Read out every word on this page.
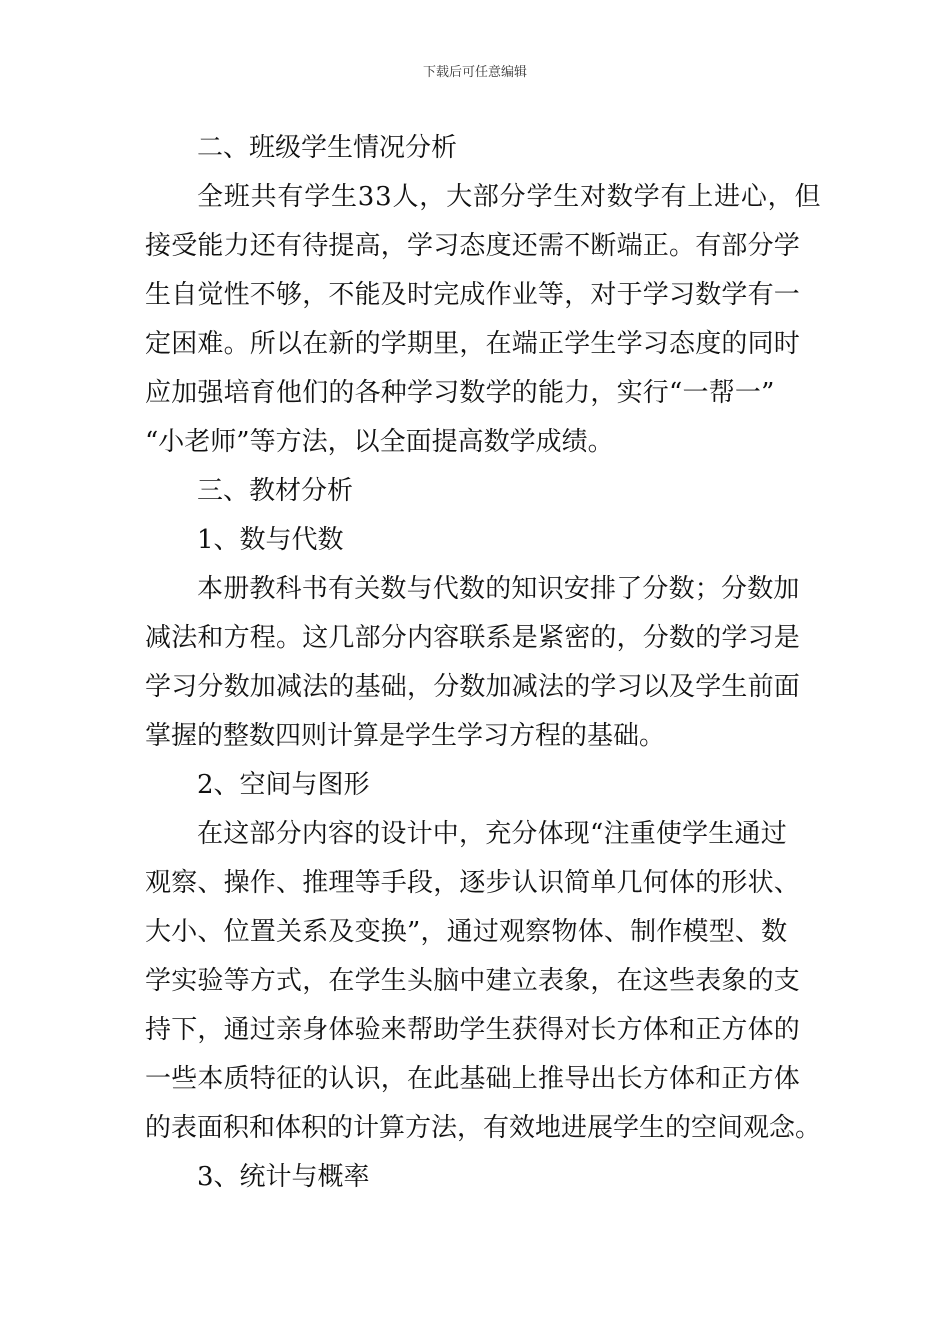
下载后可任意编辑
二、班级学生情况分析
全班共有学生33人，大部分学生对数学有上进心，但
接受能力还有待提高，学习态度还需不断端正。有部分学
生自觉性不够，不能及时完成作业等，对于学习数学有一
定困难。所以在新的学期里，在端正学生学习态度的同时
应加强培育他们的各种学习数学的能力，实行“一帮一”
“小老师”等方法，以全面提高数学成绩。
三、教材分析
1、数与代数
本册教科书有关数与代数的知识安排了分数；分数加
减法和方程。这几部分内容联系是紧密的，分数的学习是
学习分数加减法的基础，分数加减法的学习以及学生前面
掌握的整数四则计算是学生学习方程的基础。
2、空间与图形
在这部分内容的设计中，充分体现“注重使学生通过
观察、操作、推理等手段，逐步认识简单几何体的形状、
大小、位置关系及变换”，通过观察物体、制作模型、数
学实验等方式，在学生头脑中建立表象，在这些表象的支
持下，通过亲身体验来帮助学生获得对长方体和正方体的
一些本质特征的认识，在此基础上推导出长方体和正方体
的表面积和体积的计算方法，有效地进展学生的空间观念。
3、统计与概率
